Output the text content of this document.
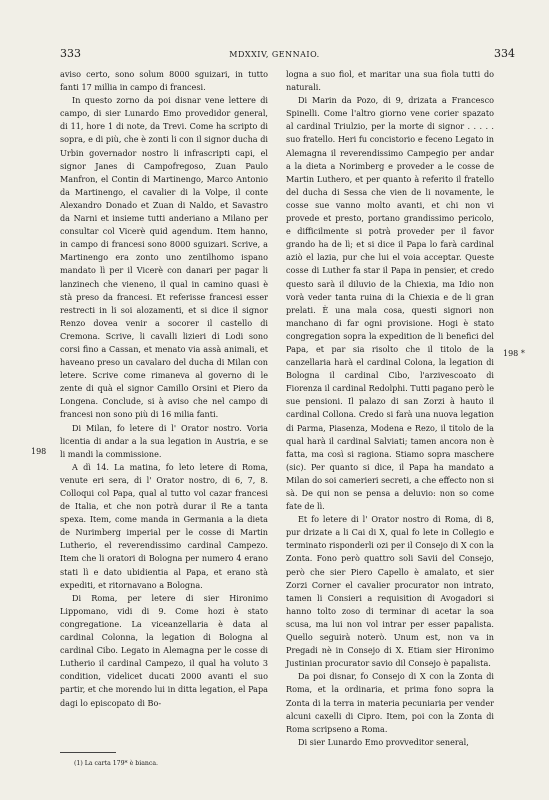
333	MDXXIV, GENNAIO.	334

aviso certo, sono solum 8000 sguizari, in tutto fanti 17 millia in campo di francesi.

In questo zorno da poi disnar vene lettere di campo, di sier Lunardo Emo provedidor general, di 11, hore 1 di note, da Trevi. Come ha scripto di sopra, e di più, che è zonti li con il signor ducha di Urbin governador nostro li infrascripti capi, el signor Janes di Campofregoso, Zuan Paulo Manfron, el Contin di Martinengo, Marco Antonio da Martinengo, el cavalier di la Volpe, il conte Alexandro Donado et Zuan di Naldo, et Savastro da Narni et insieme tutti anderiano a Milano per consultar col Vicerè quid agendum. Item hanno, in campo di francesi sono 8000 sguizari. Scrive, a Martinengo era zonto uno zentilhomo ispano mandato lì per il Vicerè con danari per pagar li lanzinech che vieneno, il qual in camino quasi è stà preso da francesi. Et referisse francesi esser restrecti in li soi alozamenti, et si dice il signor Renzo dovea venir a socorer il castello di Cremona. Scrive, li cavalli lizieri di Lodi sono corsi fino a Cassan, et menato via assà animali, et haveano preso un cavalaro del ducha di Milan con letere. Scrive come rimaneva al governo di le zente di quà el signor Camillo Orsini et Piero da Longena. Conclude, si à aviso che nel campo di francesi non sono più di 16 milia fanti.

Di Milan, fo letere di l' Orator nostro. Voria licentia di andar a la sua legation in Austria, e se li mandi la commissione.

A dì 14. La matina, fo leto letere di Roma, venute eri sera, di l' Orator nostro, di 6, 7, 8. Colloqui col Papa, qual al tutto vol cazar francesi de Italia, et che non potrà durar il Re a tanta spexa. Item, come manda in Germania a la dieta de Nurimberg imperial per le cosse di Martin Lutherio, el reverendissimo cardinal Campezo. Item che li oratori di Bologna per numero 4 erano stati lì e dato ubidientia al Papa, et erano stà expediti, et ritornavano a Bologna.

Di Roma, per letere di sier Hironimo Lippomano, vidi di 9. Come hozi è stato congregatione. La viceanzellaria è data al cardinal Colonna, la legation di Bologna al cardinal Cibo. Legato in Alemagna per le cosse di Lutherio il cardinal Campezo, il qual ha voluto 3 condition, videlicet ducati 2000 avanti el suo partir, et che morendo lui in ditta legation, el Papa dagi lo episcopato di Bo-

logna a suo fiol, et maritar una sua fiola tutti do naturali.

Di Marin da Pozo, di 9, drizata a Francesco Spinelli. Come l'altro giorno vene corier spazato al cardinal Triulzio, per la morte di signor . . . . . suo fratello. Heri fu concistorio e feceno Legato in Alemagna il reverendissimo Campegio per andar a la dieta a Norimberg e proveder a le cosse de Martin Luthero, et per quanto à referito il fratello del ducha di Sessa che vien de li novamente, le cosse sue vanno molto avanti, et chi non vi provede et presto, portano grandissimo pericolo, e difficilmente si potrà proveder per il favor grando ha de lì; et si dice il Papa lo farà cardinal aziò el lazia, pur che lui el voia acceptar. Queste cosse di Luther fa star il Papa in pensier, et credo questo sarà il diluvio de la Chiexia, ma Idio non vorà veder tanta ruina di la Chiexia e de li gran prelati. È una mala cosa, questi signori non manchano di far ogni provisione. Hogi è stato congregation sopra la expedition de li benefici del Papa, et par sia risolto che il titolo de la canzellaria harà el cardinal Colona, la legation di Bologna il cardinal Cibo, l'arzivescoato di Fiorenza il cardinal Redolphi. Tutti pagano però le sue pensioni. Il palazo di san Zorzi à hauto il cardinal Collona. Credo si farà una nuova legation di Parma, Piasenza, Modena e Rezo, il titolo de la qual harà il cardinal Salviati; tamen ancora non è fatta, ma così si ragiona. Stiamo sopra maschere (sic). Per quanto si dice, il Papa ha mandato a Milan do soi camerieri secreti, a che effecto non si sà. De qui non se pensa a deluvio: non so come fate de lì.

Et fo letere di l' Orator nostro di Roma, di 8, pur drizate a li Cai di X, qual fo lete in Collegio e terminato risponderli ozi per il Consejo di X con la Zonta. Fono però quattro soli Savii del Consejo, però che sier Piero Capello è amalato, et sier Zorzi Corner el cavalier procurator non intrato, tamen li Consieri a requisition di Avogadori si hanno tolto zoso di terminar di acetar la soa scusa, ma lui non vol intrar per esser papalista. Quello seguirà noterò. Unum est, non va in Pregadi nè in Consejo di X. Etiam sier Hironimo Justinian procurator savio dil Consejo è papalista.

Da poi disnar, fo Consejo di X con la Zonta di Roma, et la ordinaria, et prima fono sopra la Zonta di la terra in materia pecuniaria per vender alcuni caxelli di Cipro. Item, poi con la Zonta di Roma scripseno a Roma.

Di sier Lunardo Emo provveditor seneral,

198
198 *
(1) La carta 179* è bianca.
